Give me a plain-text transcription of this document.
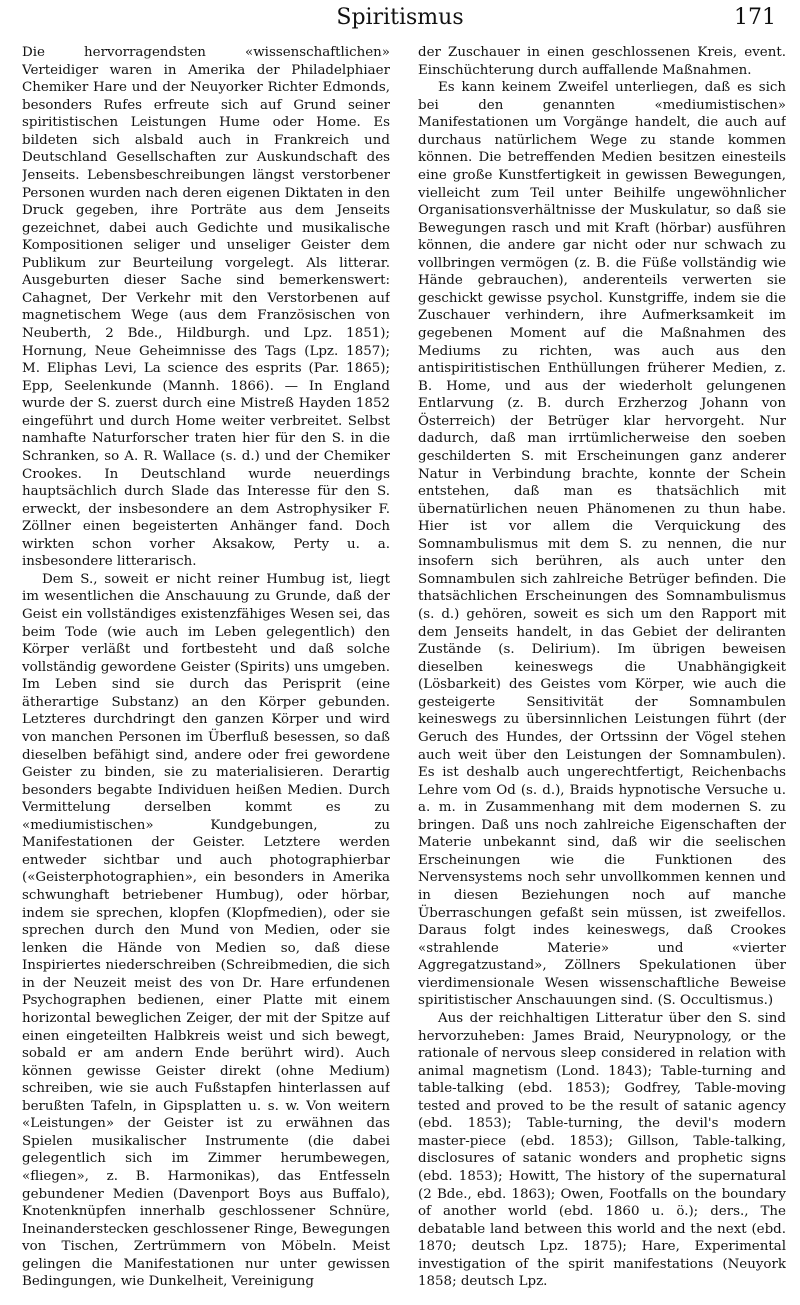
Spiritismus	171

Die hervorragendsten «wissenschaftlichen» Verteidiger waren in Amerika der Philadelphiaer Chemiker Hare und der Neuyorker Richter Edmonds, besonders Rufes erfreute sich auf Grund seiner spiritistischen Leistungen Hume oder Home. Es bildeten sich alsbald auch in Frankreich und Deutschland Gesellschaften zur Auskundschaft des Jenseits. Lebensbeschreibungen längst verstorbener Personen wurden nach deren eigenen Diktaten in den Druck gegeben, ihre Porträte aus dem Jenseits gezeichnet, dabei auch Gedichte und musikalische Kompositionen seliger und unseliger Geister dem Publikum zur Beurteilung vorgelegt. Als litterar. Ausgeburten dieser Sache sind bemerkenswert: Cahagnet, Der Verkehr mit den Verstorbenen auf magnetischem Wege (aus dem Französischen von Neuberth, 2 Bde., Hildburgh. und Lpz. 1851); Hornung, Neue Geheimnisse des Tags (Lpz. 1857); M. Eliphas Levi, La science des esprits (Par. 1865); Epp, Seelenkunde (Mannh. 1866). — In England wurde der S. zuerst durch eine Mistreß Hayden 1852 eingeführt und durch Home weiter verbreitet. Selbst namhafte Naturforscher traten hier für den S. in die Schranken, so A. R. Wallace (s. d.) und der Chemiker Crookes. In Deutschland wurde neuerdings hauptsächlich durch Slade das Interesse für den S. erweckt, der insbesondere an dem Astrophysiker F. Zöllner einen begeisterten Anhänger fand. Doch wirkten schon vorher Aksakow, Perty u. a. insbesondere litterarisch.

Dem S., soweit er nicht reiner Humbug ist, liegt im wesentlichen die Anschauung zu Grunde, daß der Geist ein vollständiges existenzfähiges Wesen sei, das beim Tode (wie auch im Leben gelegentlich) den Körper verläßt und fortbesteht und daß solche vollständig gewordene Geister (Spirits) uns umgeben. Im Leben sind sie durch das Perisprit (eine ätherartige Substanz) an den Körper gebunden. Letzteres durchdringt den ganzen Körper und wird von manchen Personen im Überfluß besessen, so daß dieselben befähigt sind, andere oder frei gewordene Geister zu binden, sie zu materialisieren. Derartig besonders begabte Individuen heißen Medien. Durch Vermittelung derselben kommt es zu «mediumistischen» Kundgebungen, zu Manifestationen der Geister. Letztere werden entweder sichtbar und auch photographierbar («Geisterphotographien», ein besonders in Amerika schwunghaft betriebener Humbug), oder hörbar, indem sie sprechen, klopfen (Klopfmedien), oder sie sprechen durch den Mund von Medien, oder sie lenken die Hände von Medien so, daß diese Inspiriertes niederschreiben (Schreibmedien, die sich in der Neuzeit meist des von Dr. Hare erfundenen Psychographen bedienen, einer Platte mit einem horizontal beweglichen Zeiger, der mit der Spitze auf einen eingeteilten Halbkreis weist und sich bewegt, sobald er am andern Ende berührt wird). Auch können gewisse Geister direkt (ohne Medium) schreiben, wie sie auch Fußstapfen hinterlassen auf berußten Tafeln, in Gipsplatten u. s. w. Von weitern «Leistungen» der Geister ist zu erwähnen das Spielen musikalischer Instrumente (die dabei gelegentlich sich im Zimmer herumbewegen, «fliegen», z. B. Harmonikas), das Entfesseln gebundener Medien (Davenport Boys aus Buffalo), Knotenknüpfen innerhalb geschlossener Schnüre, Ineinanderstecken geschlossener Ringe, Bewegungen von Tischen, Zertrümmern von Möbeln. Meist gelingen die Manifestationen nur unter gewissen Bedingungen, wie Dunkelheit, Vereinigung

der Zuschauer in einen geschlossenen Kreis, event. Einschüchterung durch auffallende Maßnahmen.

Es kann keinem Zweifel unterliegen, daß es sich bei den genannten «mediumistischen» Manifestationen um Vorgänge handelt, die auch auf durchaus natürlichem Wege zu stande kommen können. Die betreffenden Medien besitzen einesteils eine große Kunstfertigkeit in gewissen Bewegungen, vielleicht zum Teil unter Beihilfe ungewöhnlicher Organisationsverhältnisse der Muskulatur, so daß sie Bewegungen rasch und mit Kraft (hörbar) ausführen können, die andere gar nicht oder nur schwach zu vollbringen vermögen (z. B. die Füße vollständig wie Hände gebrauchen), anderenteils verwerten sie geschickt gewisse psychol. Kunstgriffe, indem sie die Zuschauer verhindern, ihre Aufmerksamkeit im gegebenen Moment auf die Maßnahmen des Mediums zu richten, was auch aus den antispiritistischen Enthüllungen früherer Medien, z. B. Home, und aus der wiederholt gelungenen Entlarvung (z. B. durch Erzherzog Johann von Österreich) der Betrüger klar hervorgeht. Nur dadurch, daß man irrtümlicherweise den soeben geschilderten S. mit Erscheinungen ganz anderer Natur in Verbindung brachte, konnte der Schein entstehen, daß man es thatsächlich mit übernatürlichen neuen Phänomenen zu thun habe. Hier ist vor allem die Verquickung des Somnambulismus mit dem S. zu nennen, die nur insofern sich berühren, als auch unter den Somnambulen sich zahlreiche Betrüger befinden. Die thatsächlichen Erscheinungen des Somnambulismus (s. d.) gehören, soweit es sich um den Rapport mit dem Jenseits handelt, in das Gebiet der deliranten Zustände (s. Delirium). Im übrigen beweisen dieselben keineswegs die Unabhängigkeit (Lösbarkeit) des Geistes vom Körper, wie auch die gesteigerte Sensitivität der Somnambulen keineswegs zu übersinnlichen Leistungen führt (der Geruch des Hundes, der Ortssinn der Vögel stehen auch weit über den Leistungen der Somnambulen). Es ist deshalb auch ungerechtfertigt, Reichenbachs Lehre vom Od (s. d.), Braids hypnotische Versuche u. a. m. in Zusammenhang mit dem modernen S. zu bringen. Daß uns noch zahlreiche Eigenschaften der Materie unbekannt sind, daß wir die seelischen Erscheinungen wie die Funktionen des Nervensystems noch sehr unvollkommen kennen und in diesen Beziehungen noch auf manche Überraschungen gefaßt sein müssen, ist zweifellos. Daraus folgt indes keineswegs, daß Crookes «strahlende Materie» und «vierter Aggregatzustand», Zöllners Spekulationen über vierdimensionale Wesen wissenschaftliche Beweise spiritistischer Anschauungen sind. (S. Occultismus.)

Aus der reichhaltigen Litteratur über den S. sind hervorzuheben: James Braid, Neurypnology, or the rationale of nervous sleep considered in relation with animal magnetism (Lond. 1843); Table-turning and table-talking (ebd. 1853); Godfrey, Table-moving tested and proved to be the result of satanic agency (ebd. 1853); Table-turning, the devil's modern master-piece (ebd. 1853); Gillson, Table-talking, disclosures of satanic wonders and prophetic signs (ebd. 1853); Howitt, The history of the supernatural (2 Bde., ebd. 1863); Owen, Footfalls on the boundary of another world (ebd. 1860 u. ö.); ders., The debatable land between this world and the next (ebd. 1870; deutsch Lpz. 1875); Hare, Experimental investigation of the spirit manifestations (Neuyork 1858; deutsch Lpz.
